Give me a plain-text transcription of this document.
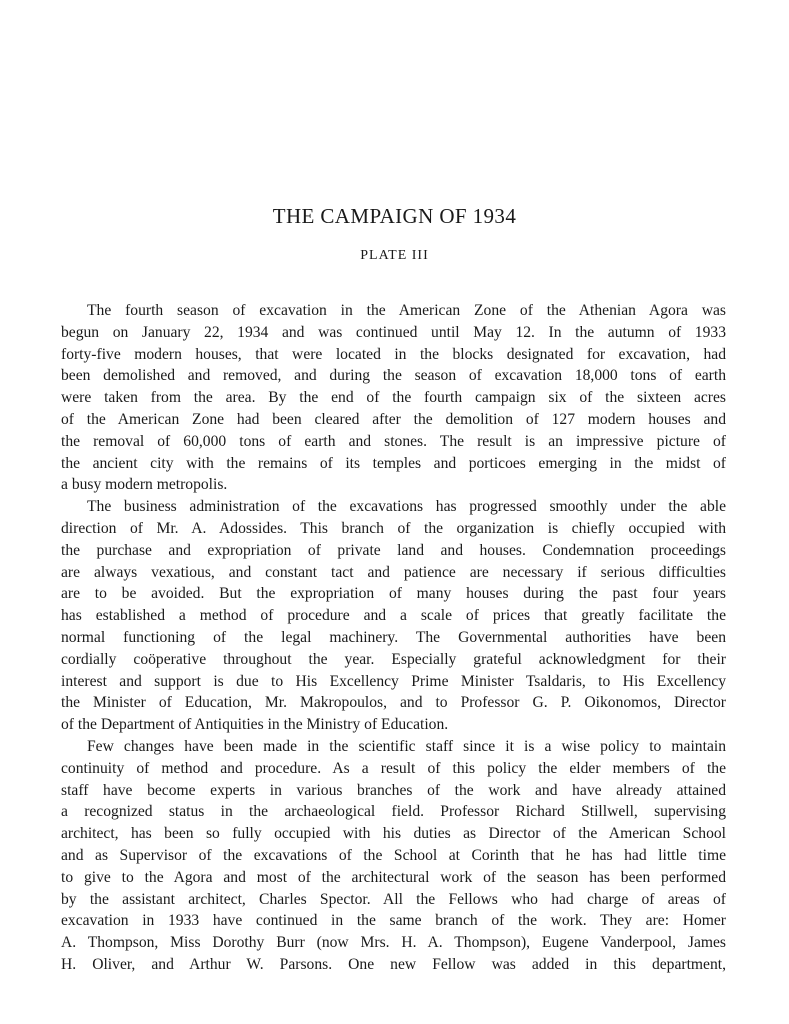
THE CAMPAIGN OF 1934
PLATE III
The fourth season of excavation in the American Zone of the Athenian Agora was
begun on January 22, 1934 and was continued until May 12. In the autumn of 1933
forty-five modern houses, that were located in the blocks designated for excavation, had
been demolished and removed, and during the season of excavation 18,000 tons of earth
were taken from the area. By the end of the fourth campaign six of the sixteen acres
of the American Zone had been cleared after the demolition of 127 modern houses and
the removal of 60,000 tons of earth and stones. The result is an impressive picture of
the ancient city with the remains of its temples and porticoes emerging in the midst of
a busy modern metropolis.
The business administration of the excavations has progressed smoothly under the able
direction of Mr. A. Adossides. This branch of the organization is chiefly occupied with
the purchase and expropriation of private land and houses. Condemnation proceedings
are always vexatious, and constant tact and patience are necessary if serious difficulties
are to be avoided. But the expropriation of many houses during the past four years
has established a method of procedure and a scale of prices that greatly facilitate the
normal functioning of the legal machinery. The Governmental authorities have been
cordially coöperative throughout the year. Especially grateful acknowledgment for their
interest and support is due to His Excellency Prime Minister Tsaldaris, to His Excellency
the Minister of Education, Mr. Makropoulos, and to Professor G. P. Oikonomos, Director
of the Department of Antiquities in the Ministry of Education.
Few changes have been made in the scientific staff since it is a wise policy to maintain
continuity of method and procedure. As a result of this policy the elder members of the
staff have become experts in various branches of the work and have already attained
a recognized status in the archaeological field. Professor Richard Stillwell, supervising
architect, has been so fully occupied with his duties as Director of the American School
and as Supervisor of the excavations of the School at Corinth that he has had little time
to give to the Agora and most of the architectural work of the season has been performed
by the assistant architect, Charles Spector. All the Fellows who had charge of areas of
excavation in 1933 have continued in the same branch of the work. They are: Homer
A. Thompson, Miss Dorothy Burr (now Mrs. H. A. Thompson), Eugene Vanderpool, James
H. Oliver, and Arthur W. Parsons. One new Fellow was added in this department,
